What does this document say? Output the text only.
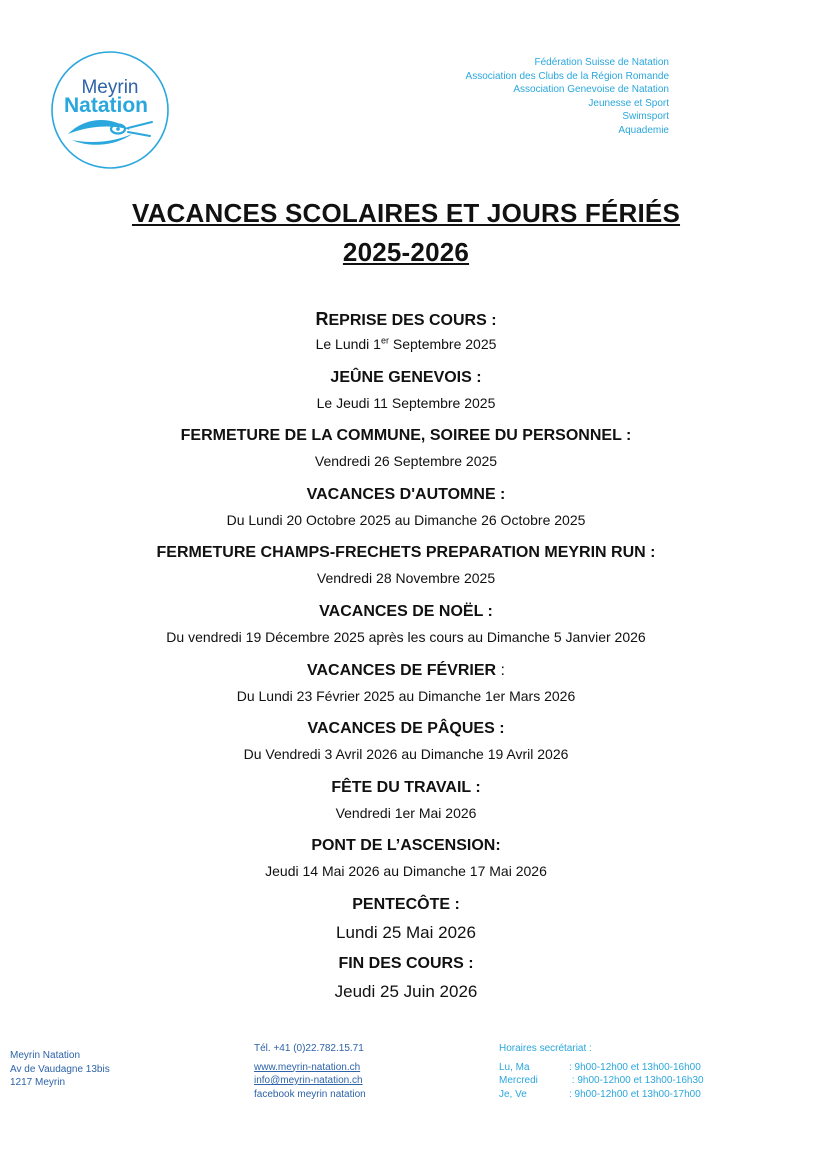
Meyrin
Natation
Fédération Suisse de Natation
Association des Clubs de la Région Romande
Association Genevoise de Natation
Jeunesse et Sport
Swimsport
Aquademie
VACANCES SCOLAIRES ET JOURS FÉRIÉS
2025-2026
REPRISE DES COURS :
Le Lundi 1er Septembre 2025
JEÛNE GENEVOIS :
Le Jeudi 11 Septembre 2025
FERMETURE DE LA COMMUNE, SOIREE DU PERSONNEL :
Vendredi 26 Septembre 2025
VACANCES D'AUTOMNE :
Du Lundi 20 Octobre 2025 au Dimanche 26 Octobre 2025
FERMETURE CHAMPS-FRECHETS PREPARATION MEYRIN RUN :
Vendredi 28 Novembre 2025
VACANCES DE NOËL :
Du vendredi 19 Décembre 2025 après les cours au Dimanche 5 Janvier 2026
VACANCES DE FÉVRIER :
Du Lundi 23 Février 2025 au Dimanche 1er Mars 2026
VACANCES DE PÂQUES :
Du Vendredi 3 Avril 2026 au Dimanche 19 Avril 2026
FÊTE DU TRAVAIL :
Vendredi 1er Mai 2026
PONT DE L’ASCENSION:
Jeudi 14 Mai 2026 au Dimanche 17 Mai 2026
PENTECÔTE :
Lundi 25 Mai 2026
FIN DES COURS :
Jeudi 25 Juin 2026
Meyrin Natation
Av de Vaudagne 13bis
1217 Meyrin
Tél. +41 (0)22.782.15.71
www.meyrin-natation.ch
info@meyrin-natation.ch
facebook meyrin natation
Horaires secrétariat :
Lu, Ma	: 9h00-12h00 et 13h00-16h00
Mercredi	: 9h00-12h00 et 13h00-16h30
Je, Ve	: 9h00-12h00 et 13h00-17h00
